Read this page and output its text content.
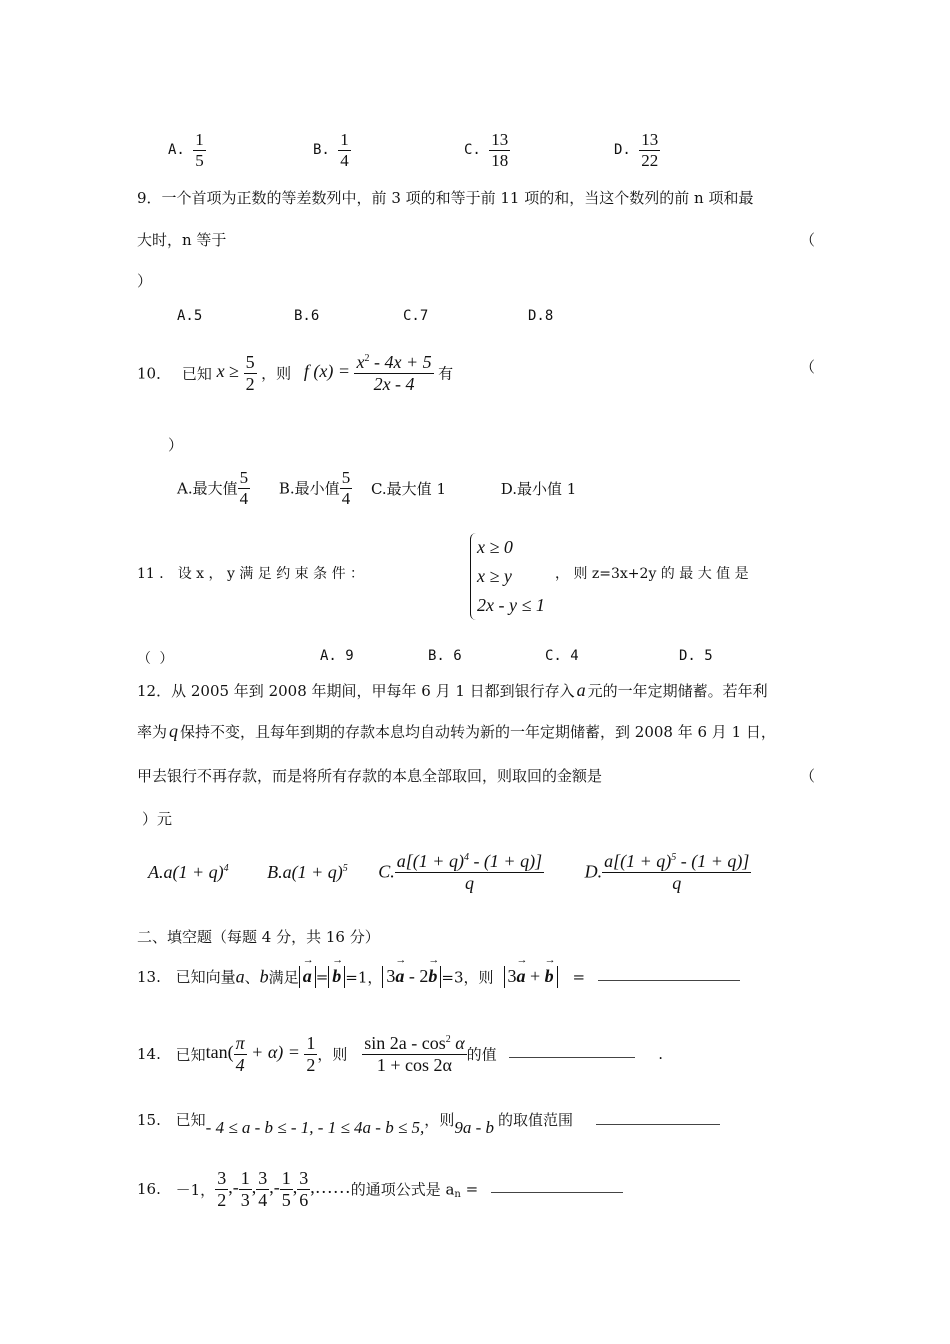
A. $\frac{1}{5}$	B. $\frac{1}{4}$	C. $\frac{13}{18}$	D. $\frac{13}{22}$
9．一个首项为正数的等差数列中，前 3 项的和等于前 11 项的和，当这个数列的前 n 项和最
大时，n 等于	（
）
A.5	B.6	C.7	D.8
10． 已知 $x \ge \frac{5}{2}$ ，则 f $(x) = \frac{x^2 - 4x + 5}{2x - 4}$ 有	（
）
A.最大值 $\frac{5}{4} B$.最小值 $\frac{5}{4} C$.最大值 1	D.最小值 1
11 ． 设 x ， y 满 足 约 束 条 件 ：
x ≥ 0
x ≥ y
2x - y ≤ 1
， 则 z=3x+2y 的 最 大 值 是
（ ）	A. 9	B. 6	C. 4	D. 5
12．从 2005 年到 2008 年期间，甲每年 6 月 1 日都到银行存入 a 元的一年定期储蓄。若年利
率为 q 保持不变，且每年到期的存款本息均自动转为新的一年定期储蓄，到 2008 年 6 月 1 日，
甲去银行不再存款，而是将所有存款的本息全部取回，则取回的金额是	（
）元
$A.a(1 + q)^4$ $B.a(1 + q)^5$ C. $\frac{a[(1 + q)^4 - (1 + q)]}{q} D$. $\frac{a[(1 + q)^5 - (1 + q)]}{q}$
二、填空题（每题 4 分，共 16 分）
13. 已知向量a、b满足 → a = → b =1， 3→ a - 2→ b =3，则 3→ a + → b =
14. 已知$\tan( \frac{\pi}{4} + \alpha) = \frac{1}{2}$ ，则 $\frac{\sin 2a - \cos^2 \alpha}{1 + \cos 2\alpha}$ 的值	.
15. 已知- 4 ≤ a - b ≤ - 1, - 1 ≤ 4a - b ≤ 5,，则9a - b 的取值范围
16. －1， $\frac{3}{2}$ ,- $\frac{1}{3}$ , $\frac{3}{4}$ ,- $\frac{1}{5}$ , $\frac{3}{6}$ ,……的通项公式是 $a_n$ =
